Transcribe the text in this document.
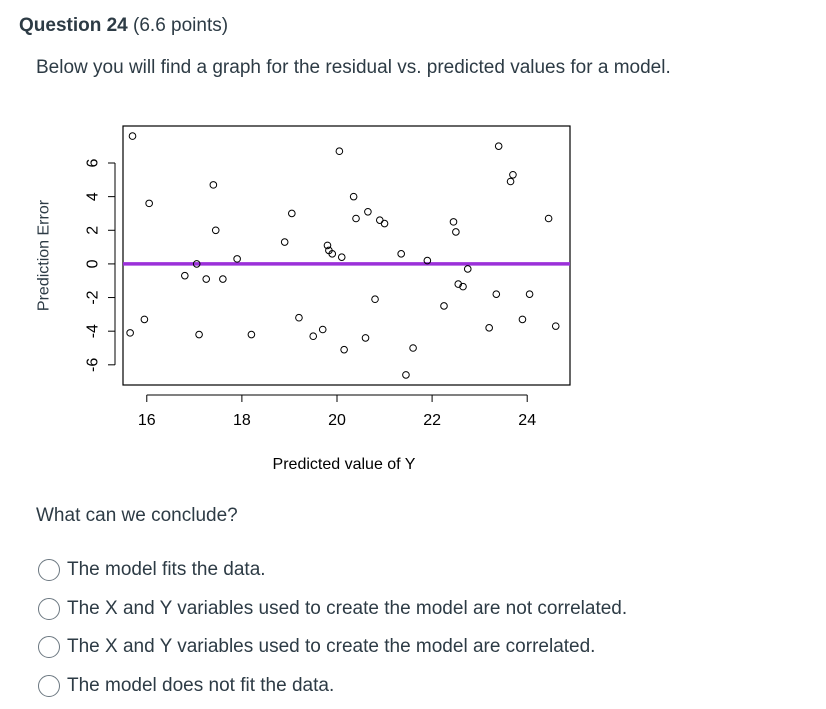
Question 24 (6.6 points)
Below you will find a graph for the residual vs. predicted values for a model.
16	18	20	22	24
-6
-4
-2
0
2
4
6
Prediction Error
Predicted value of Y
What can we conclude?
The model fits the data.
The X and Y variables used to create the model are not correlated.
The X and Y variables used to create the model are correlated.
The model does not fit the data.
